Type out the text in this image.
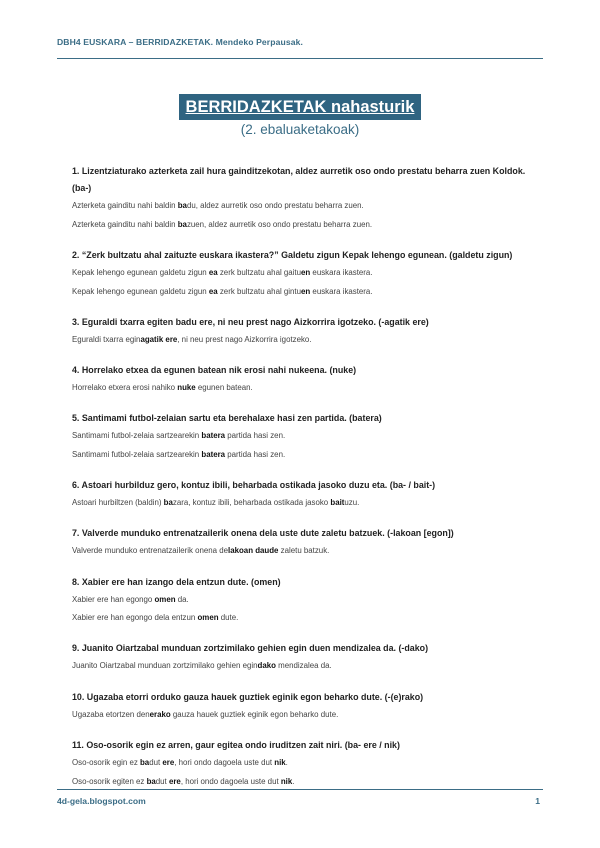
DBH4 EUSKARA – BERRIDAZKETAK. Mendeko Perpausak.
BERRIDAZKETAK nahasturik
(2. ebaluaketakoak)
1. Lizentziaturako azterketa zail hura gainditzekotan, aldez aurretik oso ondo prestatu beharra zuen Koldok. (ba-)
Azterketa gainditu nahi baldin badu, aldez aurretik oso ondo prestatu beharra zuen.
Azterketa gainditu nahi baldin bazuen, aldez aurretik oso ondo prestatu beharra zuen.
2. “Zerk bultzatu ahal zaituzte euskara ikastera?” Galdetu zigun Kepak lehengo egunean. (galdetu zigun)
Kepak lehengo egunean galdetu zigun ea zerk bultzatu ahal gaituen euskara ikastera.
Kepak lehengo egunean galdetu zigun ea zerk bultzatu ahal gintuen euskara ikastera.
3. Eguraldi txarra egiten badu ere, ni neu prest nago Aizkorrira igotzeko. (-agatik ere)
Eguraldi txarra eginagatik ere, ni neu prest nago Aizkorrira igotzeko.
4. Horrelako etxea da egunen batean nik erosi nahi nukeena. (nuke)
Horrelako etxera erosi nahiko nuke egunen batean.
5. Santimami futbol-zelaian sartu eta berehalaxe hasi zen partida. (batera)
Santimami futbol-zelaia sartzearekin batera partida hasi zen.
Santimami futbol-zelaia sartzearekin batera partida hasi zen.
6. Astoari hurbilduz gero, kontuz ibili, beharbada ostikada jasoko duzu eta. (ba- / bait-)
Astoari hurbiltzen (baldin) bazara, kontuz ibili, beharbada ostikada jasoko baituzu.
7. Valverde munduko entrenatzailerik onena dela uste dute zaletu batzuek. (-lakoan [egon])
Valverde munduko entrenatzailerik onena delakoan daude zaletu batzuk.
8. Xabier ere han izango dela entzun dute. (omen)
Xabier ere han egongo omen da.
Xabier ere han egongo dela entzun omen dute.
9. Juanito Oiartzabal munduan zortzimilako gehien egin duen mendizalea da. (-dako)
Juanito Oiartzabal munduan zortzimilako gehien egindako mendizalea da.
10. Ugazaba etorri orduko gauza hauek guztiek eginik egon beharko dute. (-(e)rako)
Ugazaba etortzen denerako gauza hauek guztiek eginik egon beharko dute.
11. Oso-osorik egin ez arren, gaur egitea ondo iruditzen zait niri. (ba- ere / nik)
Oso-osorik egin ez badut ere, hori ondo dagoela uste dut nik.
Oso-osorik egiten ez badut ere, hori ondo dagoela uste dut nik.
4d-gela.blogspot.com	1
